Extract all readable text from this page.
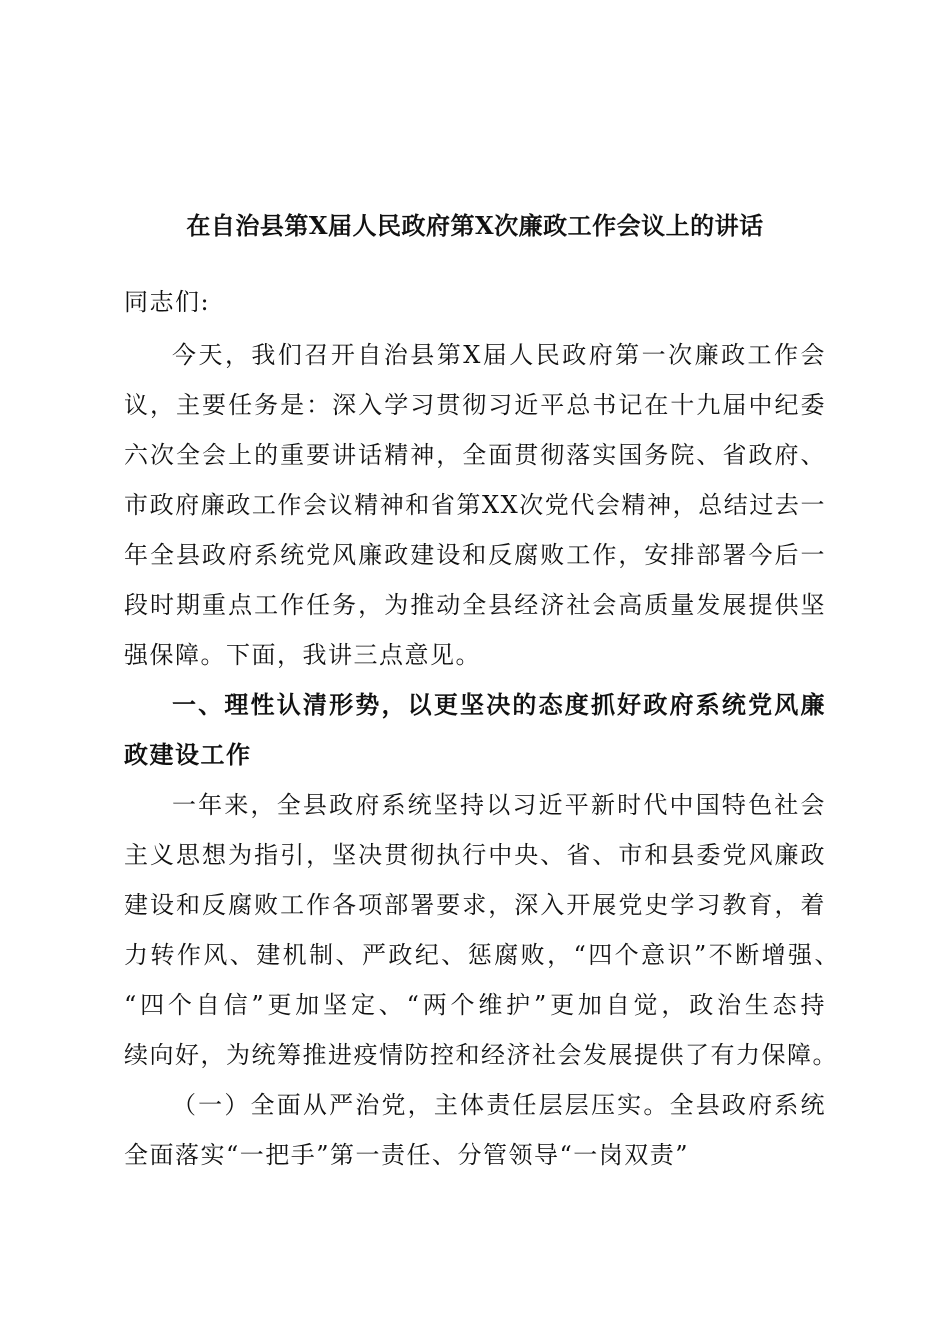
在自治县第X届人民政府第X次廉政工作会议上的讲话
同志们:
今天，我们召开自治县第X届人民政府第一次廉政工作会
议，主要任务是：深入学习贯彻习近平总书记在十九届中纪委
六次全会上的重要讲话精神，全面贯彻落实国务院、省政府、
市政府廉政工作会议精神和省第XX次党代会精神，总结过去一
年全县政府系统党风廉政建设和反腐败工作，安排部署今后一
段时期重点工作任务，为推动全县经济社会高质量发展提供坚
强保障。下面，我讲三点意见。
一、理性认清形势，以更坚决的态度抓好政府系统党风廉
政建设工作
一年来，全县政府系统坚持以习近平新时代中国特色社会
主义思想为指引，坚决贯彻执行中央、省、市和县委党风廉政
建设和反腐败工作各项部署要求，深入开展党史学习教育，着
力转作风、建机制、严政纪、惩腐败，“四个意识”不断增强、
“四个自信”更加坚定、“两个维护”更加自觉，政治生态持
续向好，为统筹推进疫情防控和经济社会发展提供了有力保障。
（一）全面从严治党，主体责任层层压实。全县政府系统
全面落实“一把手”第一责任、分管领导“一岗双责”
